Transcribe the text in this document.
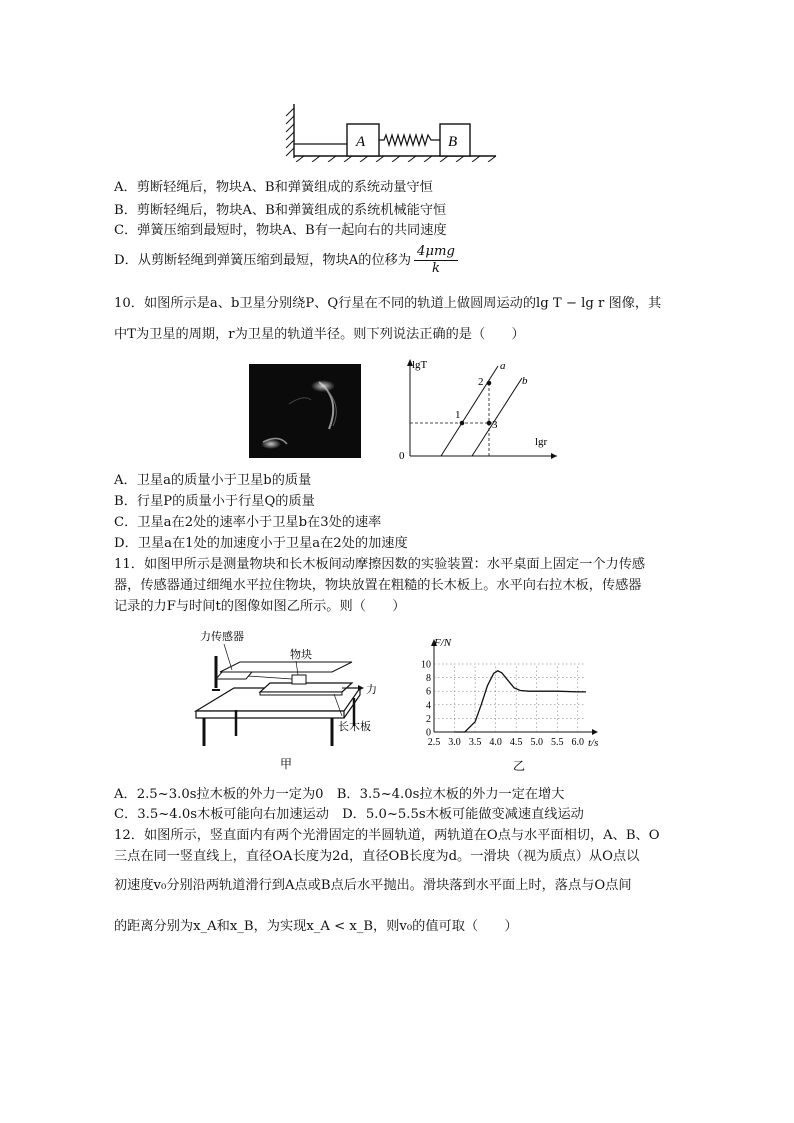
A	B
A．剪断轻绳后，物块A、B和弹簧组成的系统动量守恒
B．剪断轻绳后，物块A、B和弹簧组成的系统机械能守恒
C．弹簧压缩到最短时，物块A、B有一起向右的共同速度
D．从剪断轻绳到弹簧压缩到最短，物块A的位移为 $\frac{\text{4μmg}}{k}$
10．如图所示是a、b卫星分别绕P、Q行星在不同的轨道上做圆周运动的lg T − lg r 图像，其
中T为卫星的周期，r为卫星的轨道半径。则下列说法正确的是（　　）
lgT
lgr
0
a
b
1
2
3
A．卫星a的质量小于卫星b的质量
B．行星P的质量小于行星Q的质量
C．卫星a在2处的速率小于卫星b在3处的速率
D．卫星a在1处的加速度小于卫星a在2处的加速度
11．如图甲所示是测量物块和长木板间动摩擦因数的实验装置：水平桌面上固定一个力传感
器，传感器通过细绳水平拉住物块，物块放置在粗糙的长木板上。水平向右拉木板，传感器
记录的力F与时间t的图像如图乙所示。则（　　）
力传感器
物块
力
长木板
甲
0
2
4
6
8
10
2.5 3.0 3.5 4.0 4.5 5.0 5.5 6.0
F/N
t/s
乙
A．2.5~3.0s拉木板的外力一定为0　B．3.5~4.0s拉木板的外力一定在增大
C．3.5~4.0s木板可能向右加速运动　D．5.0~5.5s木板可能做变减速直线运动
12．如图所示，竖直面内有两个光滑固定的半圆轨道，两轨道在O点与水平面相切，A、B、O
三点在同一竖直线上，直径OA长度为2d，直径OB长度为d。一滑块（视为质点）从O点以
初速度v₀分别沿两轨道滑行到A点或B点后水平抛出。滑块落到水平面上时，落点与O点间
的距离分别为x_A和x_B，为实现x_A < x_B，则v₀的值可取（　　）
